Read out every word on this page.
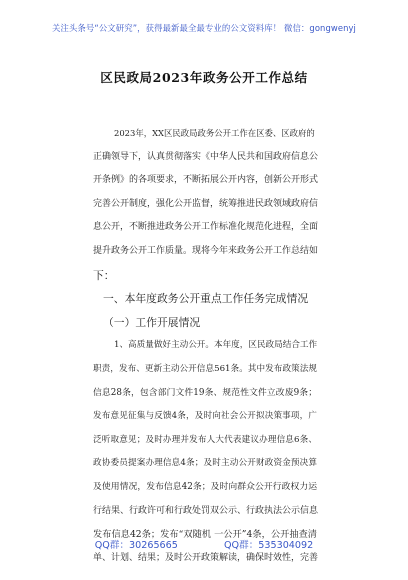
关注头条号“公文研究”，获得最新最全最专业的公文资料库！ 微信：gongwenyj
区民政局2023年政务公开工作总结
2023年，XX区民政局政务公开工作在区委、区政府的
正确领导下，认真贯彻落实《中华人民共和国政府信息公
开条例》的各项要求，不断拓展公开内容，创新公开形式
完善公开制度，强化公开监督，统筹推进民政领域政府信
息公开，不断推进政务公开工作标准化规范化进程，全面
提升政务公开工作质量。现将今年来政务公开工作总结如
下：
一、本年度政务公开重点工作任务完成情况
（一）工作开展情况
1、高质量做好主动公开。本年度，区民政局结合工作
职责，发布、更新主动公开信息561条。其中发布政策法规
信息28条，包含部门文件19条、规范性文件立改废9条；
发布意见征集与反馈4条，及时向社会公开拟决策事项，广
泛听取意见；及时办理并发布人大代表建议办理信息6条、
政协委员提案办理信息4条；及时主动公开财政资金预决算
及使用情况，发布信息42条；及时向群众公开行政权力运
行结果、行政许可和行政处罚双公示、行政执法公示信息
发布信息42条；发布“双随机 一公开”4条，公开抽查清
单、计划、结果；及时公开政策解读，确保时效性，完善
QQ群：30265665	QQ群：535304092
